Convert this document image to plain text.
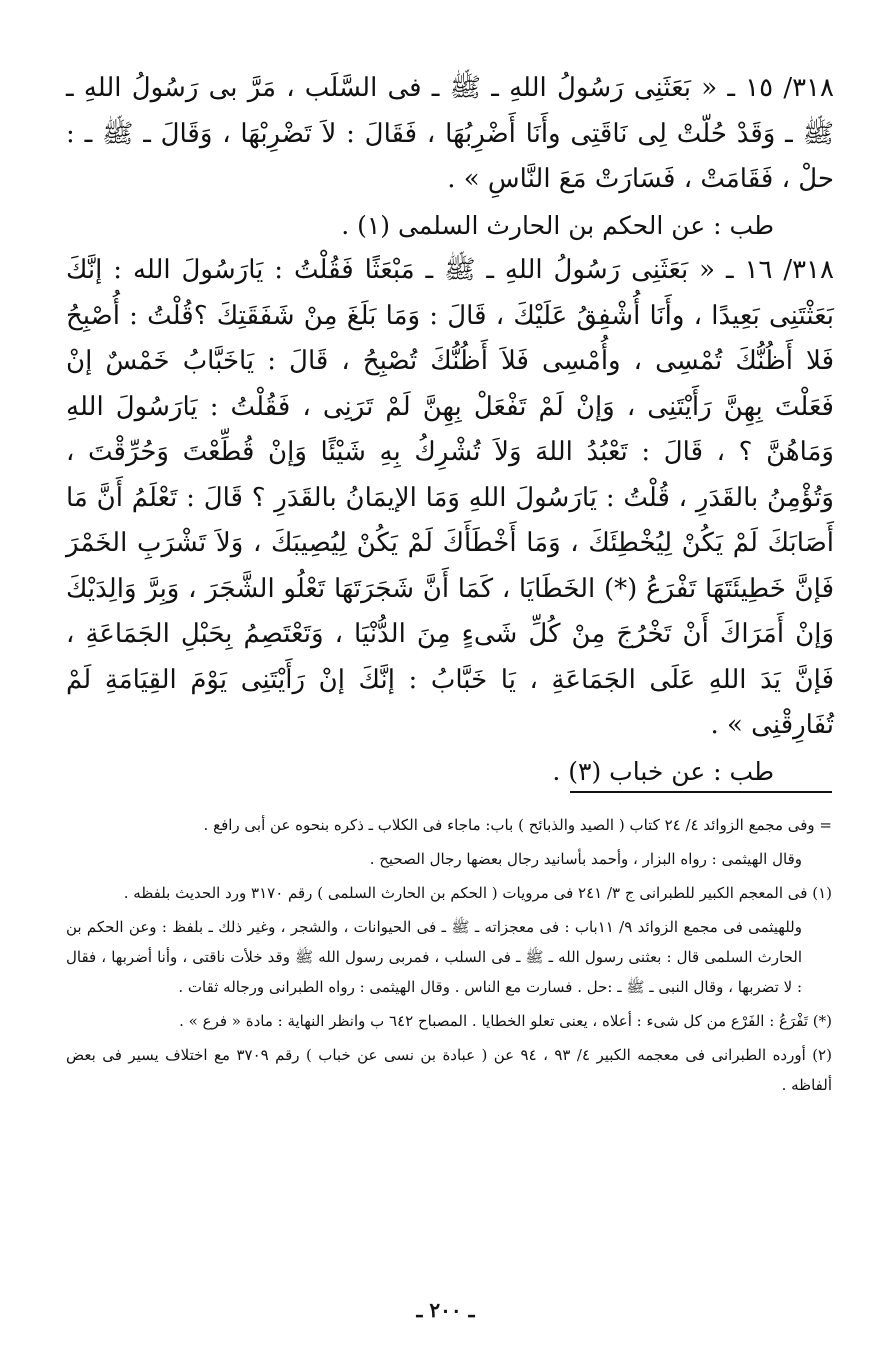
٣١٨/ ١٥ ـ « بَعَثَنِى رَسُولُ اللهِ ـ ﷺ ـ فى السَّلَب ، مَرَّ بى رَسُولُ اللهِ ـ ﷺ ـ وَقَدْ حُلّتْ لِى نَاقَتِى وأَنَا أَضْرِبُهَا ، فَقَالَ : لاَ تَضْرِبْهَا ، وَقَالَ ـ ﷺ ـ : حلْ ، فَقَامَتْ ، فَسَارَتْ مَعَ النَّاسِ » .

طب : عن الحكم بن الحارث السلمى (١) .

٣١٨/ ١٦ ـ « بَعَثَنِى رَسُولُ اللهِ ـ ﷺ ـ مَبْعَثًا فَقُلْتُ : يَارَسُولَ الله : إنَّكَ بَعَثْتَنِى بَعِيدًا ، وأَنَا أُشْفِقُ عَلَيْكَ ، قَالَ : وَمَا بَلَغَ مِنْ شَفَقَتِكَ ؟قُلْتُ : أُصْبِحُ فَلا أَظُنُّكَ تُمْسِى ، وأُمْسِى فَلاَ أَظُنُّكَ تُصْبِحُ ، قَالَ : يَاخَبَّابُ خَمْسٌ إنْ فَعَلْتَ بِهِنَّ رَأَيْتَنِى ، وَإنْ لَمْ تَفْعَلْ بِهِنَّ لَمْ تَرَنِى ، فَقُلْتُ : يَارَسُولَ اللهِ وَمَاهُنَّ ؟ ، قَالَ : تَعْبُدُ اللهَ وَلاَ تُشْرِكُ بِهِ شَيْئًا وَإنْ قُطِّعْتَ وَحُرِّقْتَ ، وَتُؤْمِنُ بالقَدَرِ ، قُلْتُ : يَارَسُولَ اللهِ وَمَا الإيمَانُ بالقَدَرِ ؟ قَالَ : تَعْلَمُ أَنَّ مَا أَصَابَكَ لَمْ يَكُنْ لِيُخْطِئَكَ ، وَمَا أَخْطَأَكَ لَمْ يَكُنْ لِيُصِيبَكَ ، وَلاَ تَشْرَبِ الخَمْرَ فَإنَّ خَطِيئَتَهَا تَفْرَعُ (*) الخَطَايَا ، كَمَا أَنَّ شَجَرَتَهَا تَعْلُو الشَّجَرَ ، وَبِرَّ وَالِدَيْكَ وَإنْ أَمَرَاكَ أَنْ تَخْرُجَ مِنْ كُلِّ شَىءٍ مِنَ الدُّنْيَا ، وَتَعْتَصِمُ بِحَبْلِ الجَمَاعَةِ ، فَإنَّ يَدَ اللهِ عَلَى الجَمَاعَةِ ، يَا خَبَّابُ : إنَّكَ إنْ رَأَيْتَنِى يَوْمَ القِيَامَةِ لَمْ تُفَارِقْنِى » .

طب : عن خباب (٣) .

= وفى مجمع الزوائد ٤/ ٢٤ كتاب ( الصيد والذبائح ) باب: ماجاء فى الكلاب ـ ذكره بنحوه عن أبى رافع .

وقال الهيثمى : رواه البزار ، وأحمد بأسانيد رجال بعضها رجال الصحيح .

(١) فى المعجم الكبير للطبرانى ج ٣/ ٢٤١ فى مرويات ( الحكم بن الحارث السلمى ) رقم ٣١٧٠ ورد الحديث بلفظه .

وللهيثمى فى مجمع الزوائد ٩/ ١١باب : فى معجزاته ـ ﷺ ـ فى الحيوانات ، والشجر ، وغير ذلك ـ بلفظ : وعن الحكم بن الحارث السلمى قال : بعثنى رسول الله ـ ﷺ ـ فى السلب ، فمربى رسول الله ﷺ وقد خلأت ناقتى ، وأنا أضربها ، فقال : لا تضربها ، وقال النبى ـ ﷺ ـ :حل . فسارت مع الناس . وقال الهيثمى : رواه الطبرانى ورجاله ثقات .

(*) تَفْرَعُ : الفَرْع من كل شىء : أعلاه ، يعنى تعلو الخطايا . المصباح ٦٤٢ ب وانظر النهاية : مادة « فرع » .

(٢) أورده الطبرانى فى معجمه الكبير ٤/ ٩٣ ، ٩٤ عن ( عبادة بن نسى عن خباب ) رقم ٣٧٠٩ مع اختلاف يسير فى بعض ألفاظه .

ـ ٢٠٠ ـ
